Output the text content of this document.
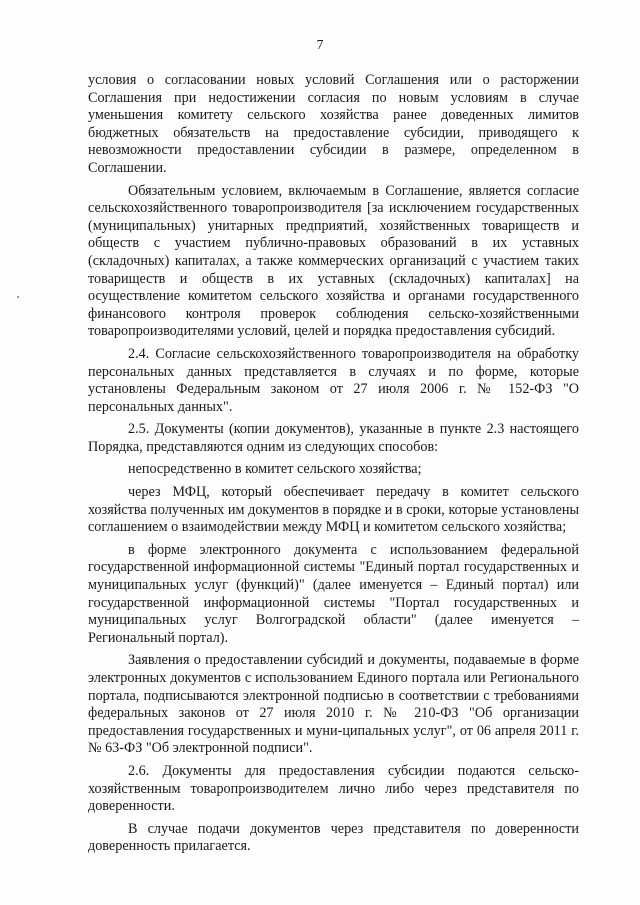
7

условия о согласовании новых условий Соглашения или о расторжении Соглашения при недостижении согласия по новым условиям в случае уменьшения комитету сельского хозяйства ранее доведенных лимитов бюджетных обязательств на предоставление субсидии, приводящего к невозможности предоставлении субсидии в размере, определенном в Соглашении.

Обязательным условием, включаемым в Соглашение, является согласие сельскохозяйственного товаропроизводителя [за исключением государственных (муниципальных) унитарных предприятий, хозяйственных товариществ и обществ с участием публично-правовых образований в их уставных (складочных) капиталах, а также коммерческих организаций с участием таких товариществ и обществ в их уставных (складочных) капиталах] на осуществление комитетом сельского хозяйства и органами государственного финансового контроля проверок соблюдения сельско-хозяйственными товаропроизводителями условий, целей и порядка предоставления субсидий.

2.4. Согласие сельскохозяйственного товаропроизводителя на обработку персональных данных представляется в случаях и по форме, которые установлены Федеральным законом от 27 июля 2006 г. № 152-ФЗ "О персональных данных".

2.5. Документы (копии документов), указанные в пункте 2.3 настоящего Порядка, представляются одним из следующих способов:

непосредственно в комитет сельского хозяйства;

через МФЦ, который обеспечивает передачу в комитет сельского хозяйства полученных им документов в порядке и в сроки, которые установлены соглашением о взаимодействии между МФЦ и комитетом сельского хозяйства;

в форме электронного документа с использованием федеральной государственной информационной системы "Единый портал государственных и муниципальных услуг (функций)" (далее именуется – Единый портал) или государственной информационной системы "Портал государственных и муниципальных услуг Волгоградской области" (далее именуется – Региональный портал).

Заявления о предоставлении субсидий и документы, подаваемые в форме электронных документов с использованием Единого портала или Регионального портала, подписываются электронной подписью в соответствии с требованиями федеральных законов от 27 июля 2010 г. № 210-ФЗ "Об организации предоставления государственных и муни-ципальных услуг", от 06 апреля 2011 г. № 63-ФЗ "Об электронной подписи".

2.6. Документы для предоставления субсидии подаются сельско-хозяйственным товаропроизводителем лично либо через представителя по доверенности.

В случае подачи документов через представителя по доверенности доверенность прилагается.
